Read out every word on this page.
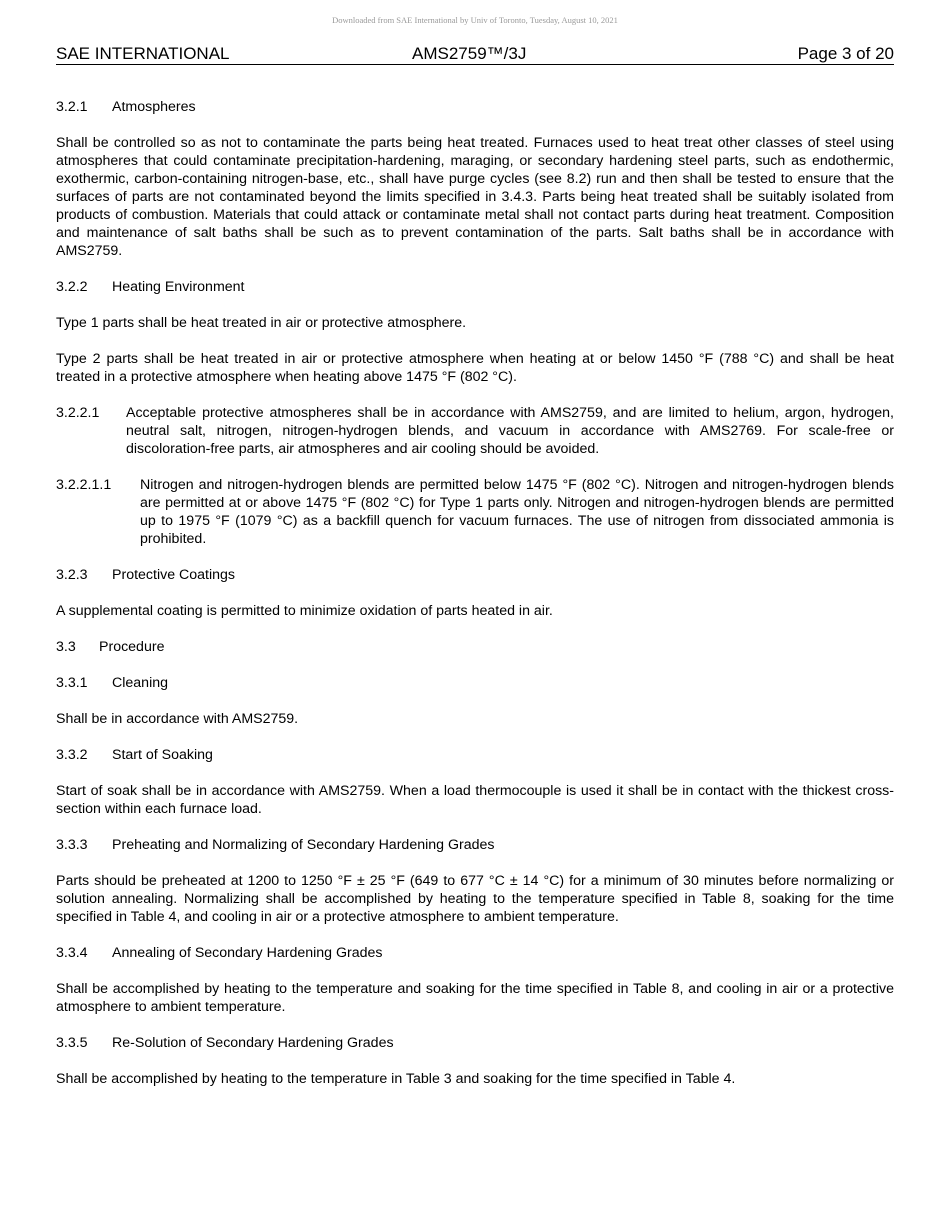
Downloaded from SAE International by Univ of Toronto, Tuesday, August 10, 2021
SAE INTERNATIONAL	AMS2759™/3J	Page 3 of 20
3.2.1 Atmospheres

Shall be controlled so as not to contaminate the parts being heat treated. Furnaces used to heat treat other classes of steel using atmospheres that could contaminate precipitation-hardening, maraging, or secondary hardening steel parts, such as endothermic, exothermic, carbon-containing nitrogen-base, etc., shall have purge cycles (see 8.2) run and then shall be tested to ensure that the surfaces of parts are not contaminated beyond the limits specified in 3.4.3. Parts being heat treated shall be suitably isolated from products of combustion. Materials that could attack or contaminate metal shall not contact parts during heat treatment. Composition and maintenance of salt baths shall be such as to prevent contamination of the parts. Salt baths shall be in accordance with AMS2759.

3.2.2 Heating Environment

Type 1 parts shall be heat treated in air or protective atmosphere.

Type 2 parts shall be heat treated in air or protective atmosphere when heating at or below 1450 °F (788 °C) and shall be heat treated in a protective atmosphere when heating above 1475 °F (802 °C).

3.2.2.1	Acceptable protective atmospheres shall be in accordance with AMS2759, and are limited to helium, argon, hydrogen, neutral salt, nitrogen, nitrogen-hydrogen blends, and vacuum in accordance with AMS2769. For scale-free or discoloration-free parts, air atmospheres and air cooling should be avoided.
3.2.2.1.1	Nitrogen and nitrogen-hydrogen blends are permitted below 1475 °F (802 °C). Nitrogen and nitrogen-hydrogen blends are permitted at or above 1475 °F (802 °C) for Type 1 parts only. Nitrogen and nitrogen-hydrogen blends are permitted up to 1975 °F (1079 °C) as a backfill quench for vacuum furnaces. The use of nitrogen from dissociated ammonia is prohibited.
3.2.3 Protective Coatings

A supplemental coating is permitted to minimize oxidation of parts heated in air.

3.3 Procedure
3.3.1 Cleaning

Shall be in accordance with AMS2759.

3.3.2 Start of Soaking

Start of soak shall be in accordance with AMS2759. When a load thermocouple is used it shall be in contact with the thickest cross-section within each furnace load.

3.3.3 Preheating and Normalizing of Secondary Hardening Grades

Parts should be preheated at 1200 to 1250 °F ± 25 °F (649 to 677 °C ± 14 °C) for a minimum of 30 minutes before normalizing or solution annealing. Normalizing shall be accomplished by heating to the temperature specified in Table 8, soaking for the time specified in Table 4, and cooling in air or a protective atmosphere to ambient temperature.

3.3.4 Annealing of Secondary Hardening Grades

Shall be accomplished by heating to the temperature and soaking for the time specified in Table 8, and cooling in air or a protective atmosphere to ambient temperature.

3.3.5 Re-Solution of Secondary Hardening Grades

Shall be accomplished by heating to the temperature in Table 3 and soaking for the time specified in Table 4.
